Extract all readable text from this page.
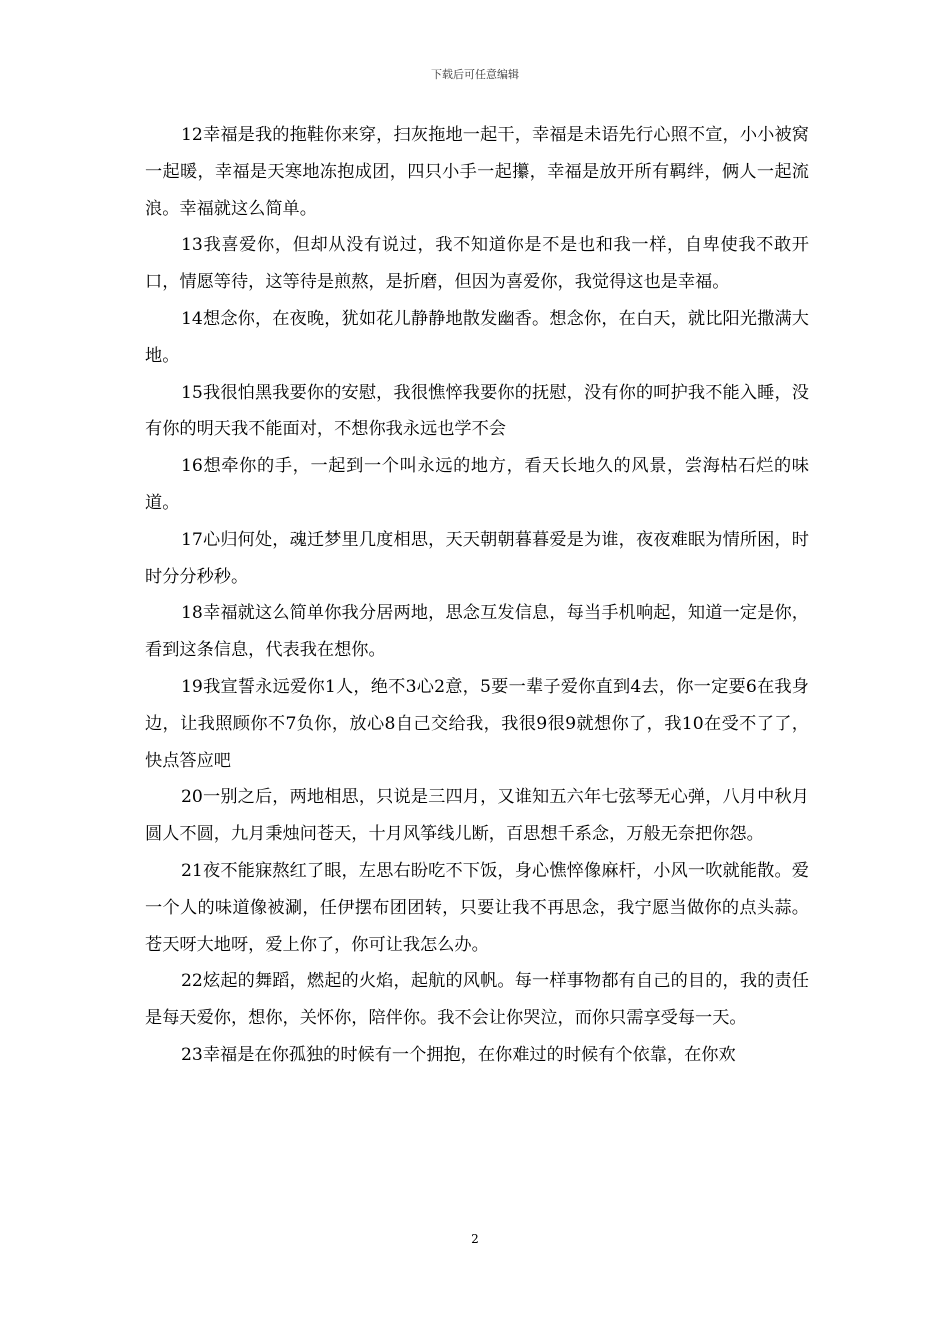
下载后可任意编辑

12幸福是我的拖鞋你来穿，扫灰拖地一起干，幸福是未语先行心照不宣，小小被窝一起暖，幸福是天寒地冻抱成团，四只小手一起攥，幸福是放开所有羁绊，俩人一起流浪。幸福就这么简单。

13我喜爱你，但却从没有说过，我不知道你是不是也和我一样，自卑使我不敢开口，情愿等待，这等待是煎熬，是折磨，但因为喜爱你，我觉得这也是幸福。

14想念你，在夜晚，犹如花儿静静地散发幽香。想念你，在白天，就比阳光撒满大地。

15我很怕黑我要你的安慰，我很憔悴我要你的抚慰，没有你的呵护我不能入睡，没有你的明天我不能面对，不想你我永远也学不会

16想牵你的手，一起到一个叫永远的地方，看天长地久的风景，尝海枯石烂的味道。

17心归何处，魂迁梦里几度相思，天天朝朝暮暮爱是为谁，夜夜难眠为情所困，时时分分秒秒。

18幸福就这么简单你我分居两地，思念互发信息，每当手机响起，知道一定是你，看到这条信息，代表我在想你。

19我宣誓永远爱你1人，绝不3心2意，5要一辈子爱你直到4去，你一定要6在我身边，让我照顾你不7负你，放心8自己交给我，我很9很9就想你了，我10在受不了了，快点答应吧

20一别之后，两地相思，只说是三四月，又谁知五六年七弦琴无心弹，八月中秋月圆人不圆，九月秉烛问苍天，十月风筝线儿断，百思想千系念，万般无奈把你怨。

21夜不能寐熬红了眼，左思右盼吃不下饭，身心憔悴像麻杆，小风一吹就能散。爱一个人的味道像被涮，任伊摆布团团转，只要让我不再思念，我宁愿当做你的点头蒜。苍天呀大地呀，爱上你了，你可让我怎么办。

22炫起的舞蹈，燃起的火焰，起航的风帆。每一样事物都有自己的目的，我的责任是每天爱你，想你，关怀你，陪伴你。我不会让你哭泣，而你只需享受每一天。

23幸福是在你孤独的时候有一个拥抱，在你难过的时候有个依靠，在你欢

2
